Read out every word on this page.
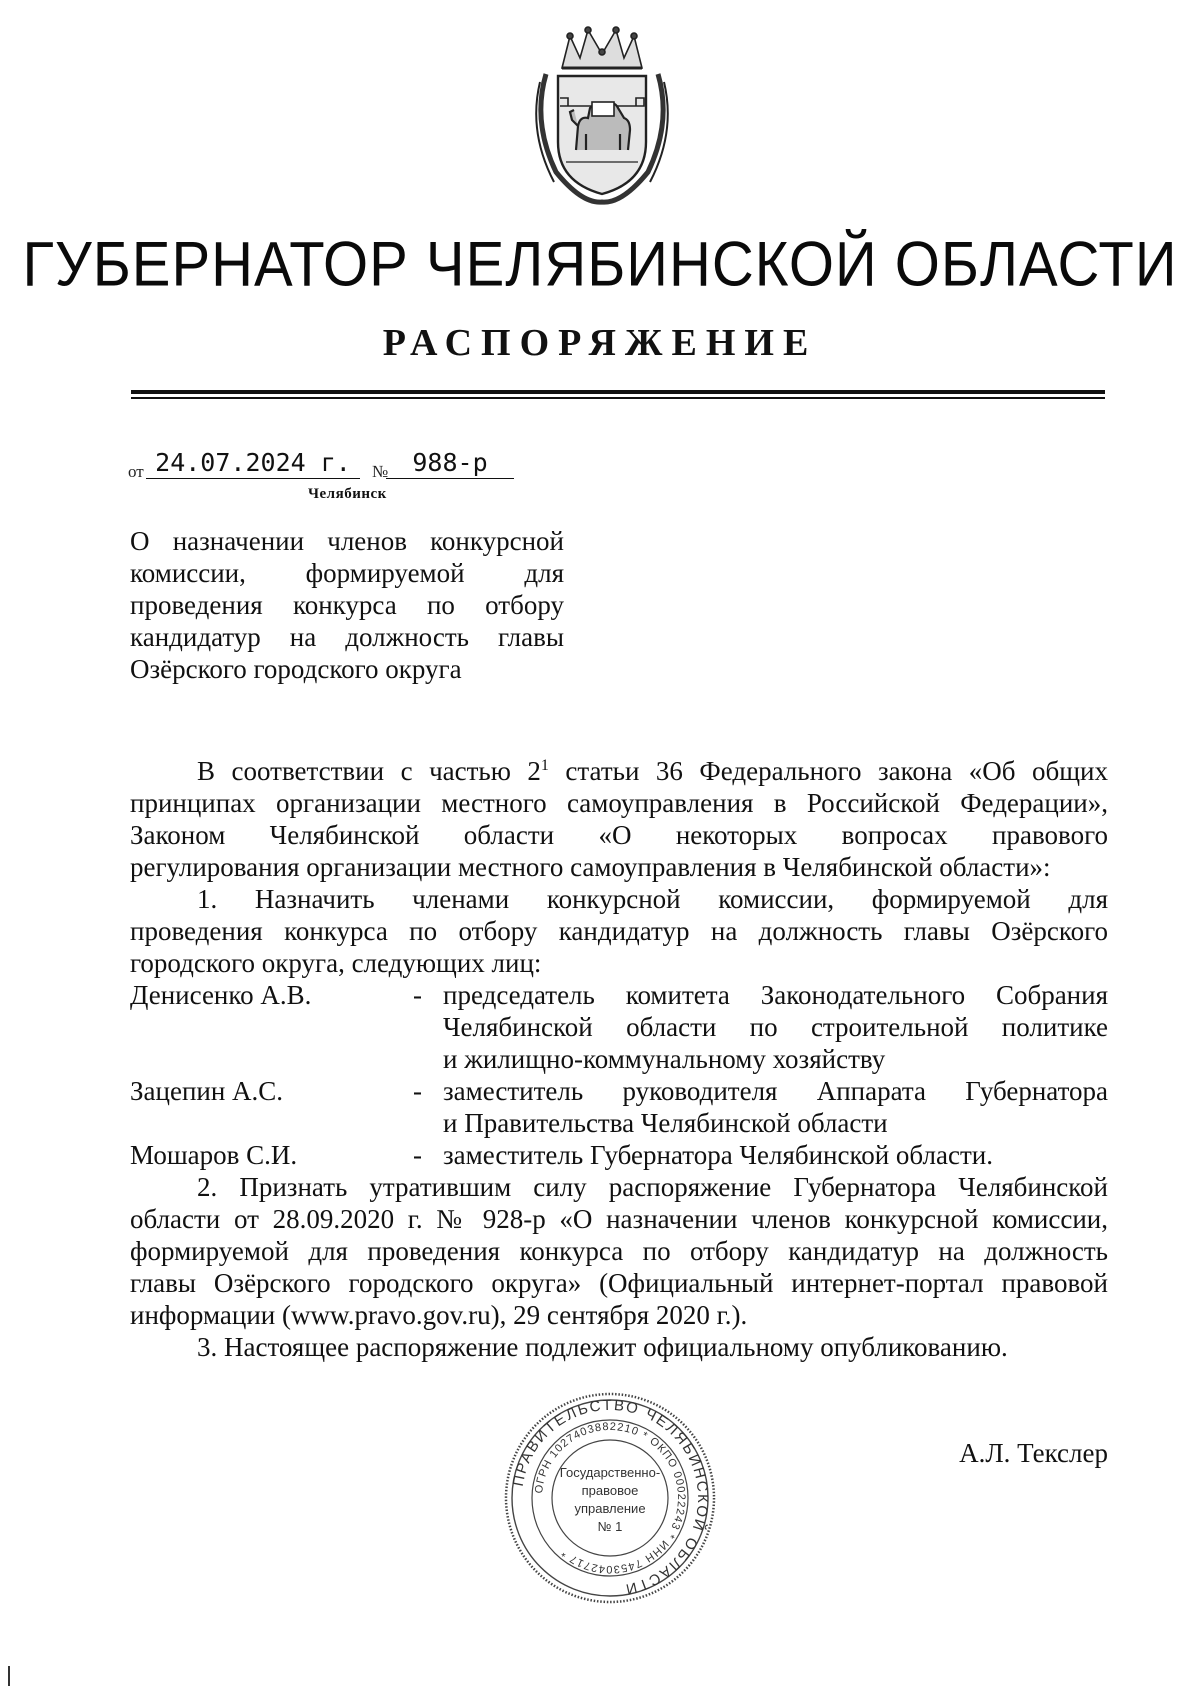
ГУБЕРНАТОР ЧЕЛЯБИНСКОЙ ОБЛАСТИ
РАСПОРЯЖЕНИЕ
от 24.07.2024 г.	№ 988-р
Челябинск
О назначении членов конкурсной
комиссии, формируемой для
проведения конкурса по отбору
кандидатур на должность главы
Озёрского городского округа
В соответствии с частью $2^1$ статьи 36 Федерального закона «Об общих
принципах организации местного самоуправления в Российской Федерации»,
Законом Челябинской области «О некоторых вопросах правового
регулирования организации местного самоуправления в Челябинской области»:
1. Назначить членами конкурсной комиссии, формируемой для
проведения конкурса по отбору кандидатур на должность главы Озёрского
городского округа, следующих лиц:
Денисенко А.В.	- председатель комитета Законодательного Собрания
Челябинской области по строительной политике
и жилищно-коммунальному хозяйству
Зацепин А.С.	- заместитель руководителя Аппарата Губернатора
и Правительства Челябинской области
Мошаров С.И.	- заместитель Губернатора Челябинской области.
2. Признать утратившим силу распоряжение Губернатора Челябинской
области от 28.09.2020 г. № 928-р «О назначении членов конкурсной комиссии,
формируемой для проведения конкурса по отбору кандидатур на должность
главы Озёрского городского округа» (Официальный интернет-портал правовой
информации (www.pravo.gov.ru), 29 сентября 2020 г.).
3. Настоящее распоряжение подлежит официальному опубликованию.
ПРАВИТЕЛЬСТВО ЧЕЛЯБИНСКОЙ ОБЛАСТИ
ОГРН 1027403882210 * ОКПО 00022243 * ИНН 7453042717 *
Государственно-
правовое
управление
№ 1
А.Л. Текслер
